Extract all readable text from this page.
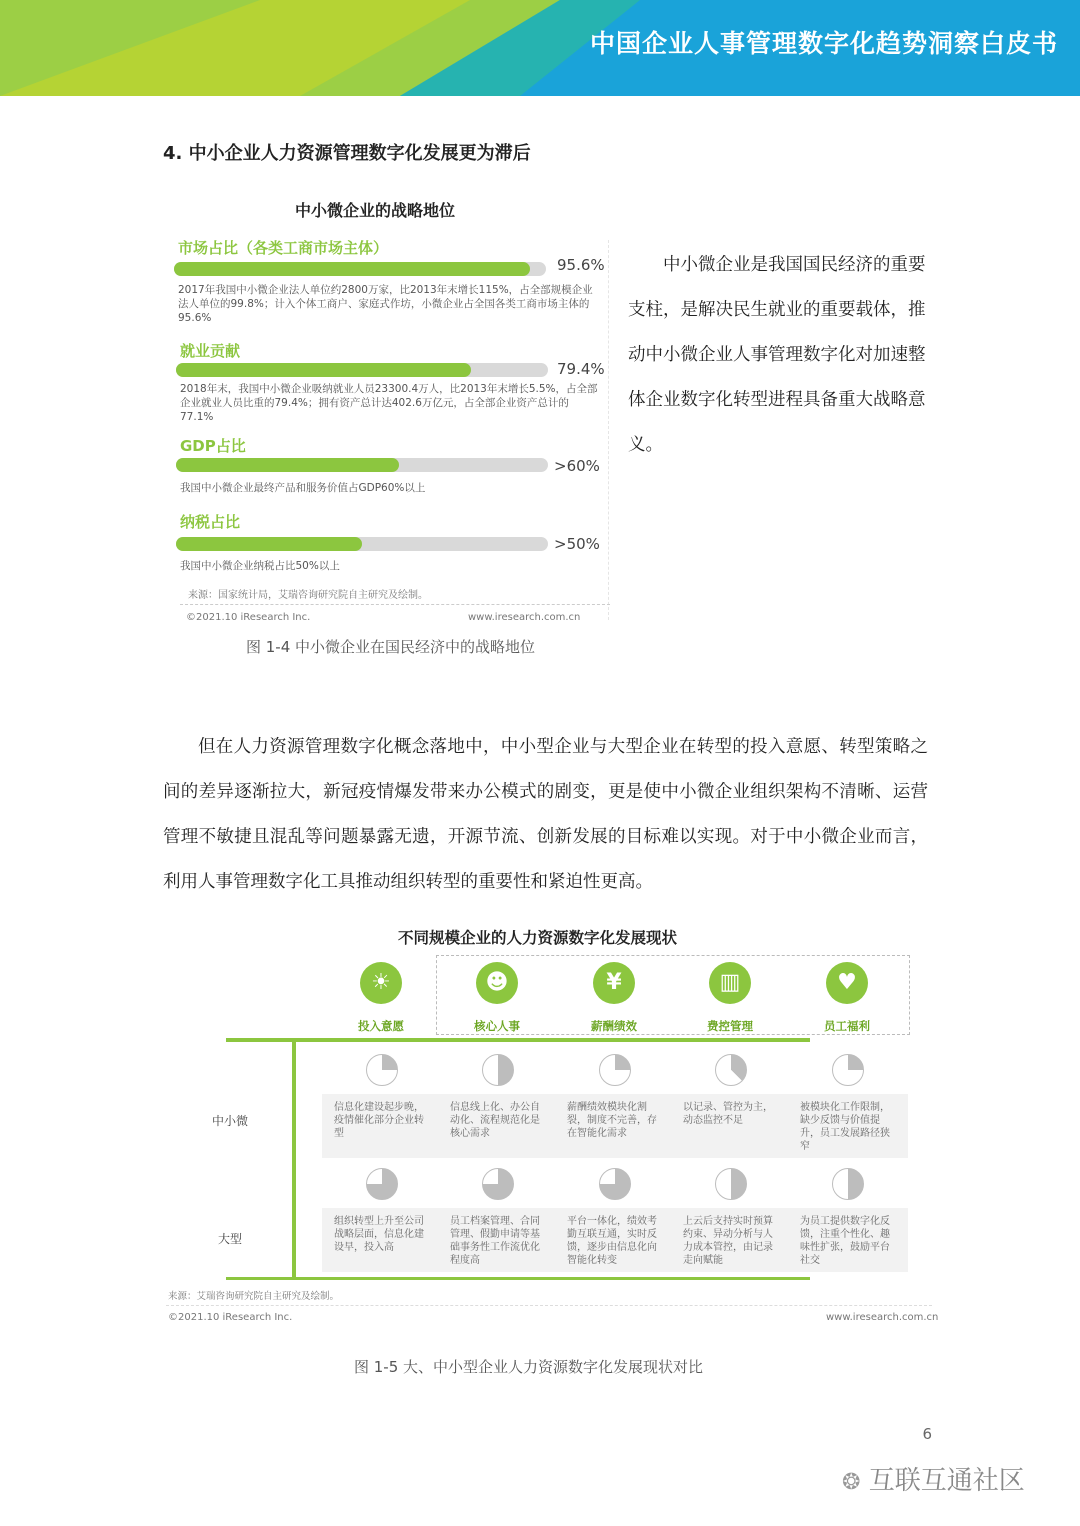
中国企业人事管理数字化趋势洞察白皮书
4. 中小企业人力资源管理数字化发展更为滞后
中小微企业的战略地位
市场占比（各类工商市场主体）
95.6%
2017年我国中小微企业法人单位约2800万家，比2013年末增长115%，占全部规模企业法人单位的99.8%；计入个体工商户、家庭式作坊，小微企业占全国各类工商市场主体的95.6%
就业贡献
79.4%
2018年末，我国中小微企业吸纳就业人员23300.4万人，比2013年末增长5.5%，占全部企业就业人员比重的79.4%；拥有资产总计达402.6万亿元，占全部企业资产总计的77.1%
GDP占比
>60%
我国中小微企业最终产品和服务价值占GDP60%以上
纳税占比
>50%
我国中小微企业纳税占比50%以上
来源：国家统计局，艾瑞咨询研究院自主研究及绘制。
©2021.10 iResearch Inc.	www.iresearch.com.cn
图 1-4 中小微企业在国民经济中的战略地位
中小微企业是我国国民经济的重要支柱，是解决民生就业的重要载体，推动中小微企业人事管理数字化对加速整体企业数字化转型进程具备重大战略意义。
但在人力资源管理数字化概念落地中，中小型企业与大型企业在转型的投入意愿、转型策略之间的差异逐渐拉大，新冠疫情爆发带来办公模式的剧变，更是使中小微企业组织架构不清晰、运营管理不敏捷且混乱等问题暴露无遗，开源节流、创新发展的目标难以实现。对于中小微企业而言，利用人事管理数字化工具推动组织转型的重要性和紧迫性更高。
不同规模企业的人力资源数字化发展现状
☀
投入意愿
☻
核心人事
¥
薪酬绩效
▥
费控管理
♥
员工福利
信息化建设起步晚，疫情催化部分企业转型
信息线上化、办公自动化、流程规范化是核心需求
薪酬绩效模块化割裂，制度不完善，存在智能化需求
以记录、管控为主，动态监控不足
被模块化工作限制，缺少反馈与价值提升，员工发展路径狭窄
组织转型上升至公司战略层面，信息化建设早，投入高
员工档案管理、合同管理、假勤申请等基础事务性工作流优化程度高
平台一体化，绩效考勤互联互通，实时反馈，逐步由信息化向智能化转变
上云后支持实时预算约束、异动分析与人力成本管控，由记录走向赋能
为员工提供数字化反馈，注重个性化、趣味性扩张，鼓励平台社交
中小微
大型
来源：艾瑞咨询研究院自主研究及绘制。
©2021.10 iResearch Inc.	www.iresearch.com.cn
图 1-5 大、中小型企业人力资源数字化发展现状对比
6
❂ 互联互通社区
